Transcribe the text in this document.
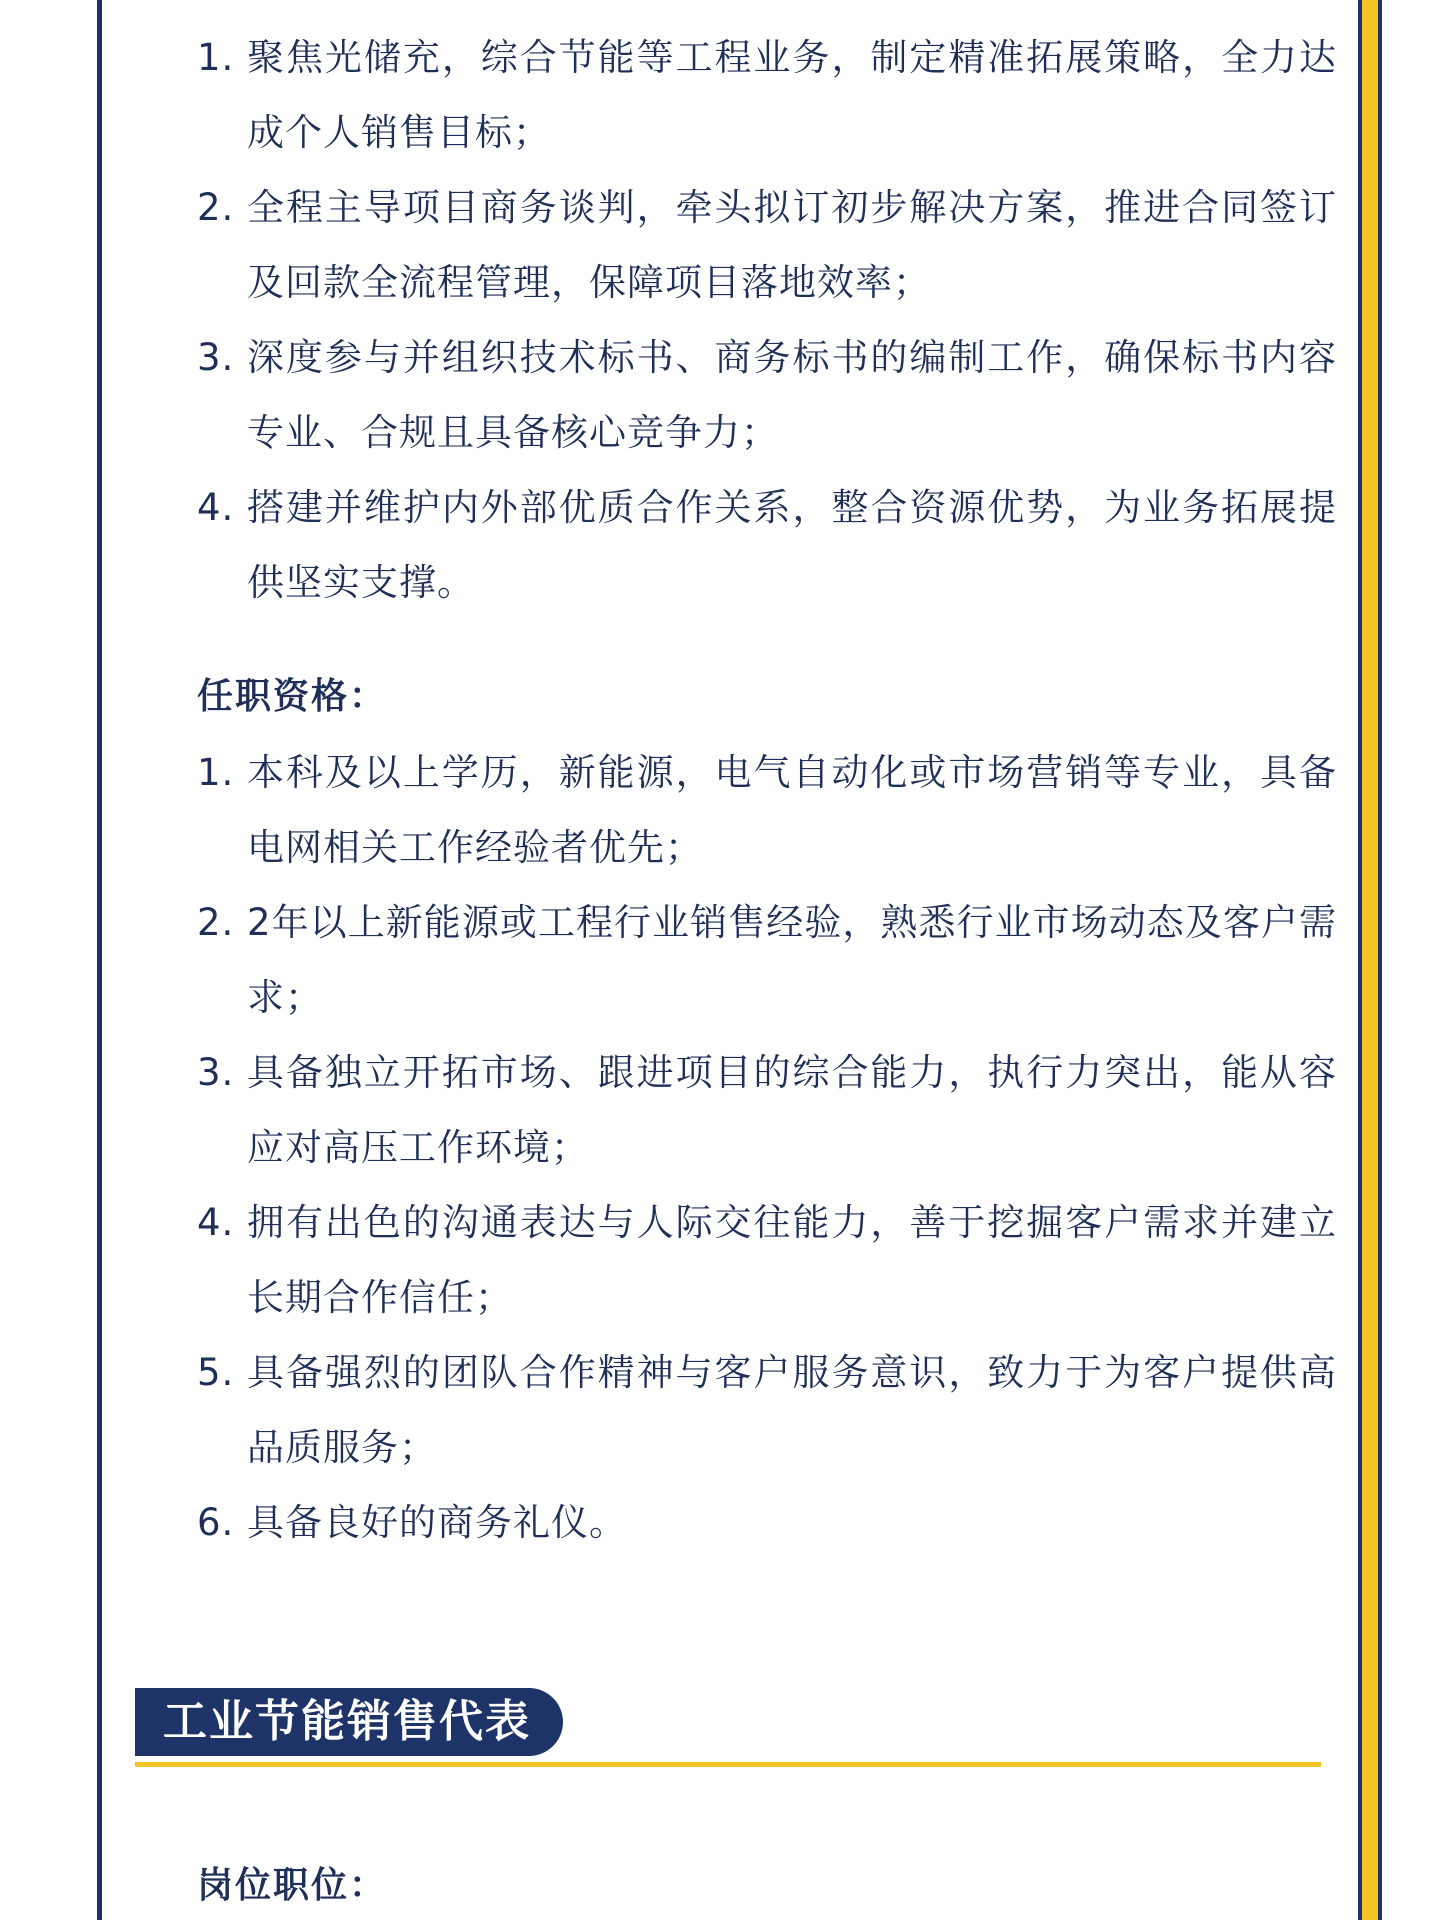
1. 聚焦光储充，综合节能等工程业务，制定精准拓展策略，全力达成个人销售目标；
2. 全程主导项目商务谈判，牵头拟订初步解决方案，推进合同签订及回款全流程管理，保障项目落地效率；
3. 深度参与并组织技术标书、商务标书的编制工作，确保标书内容专业、合规且具备核心竞争力；
4. 搭建并维护内外部优质合作关系，整合资源优势，为业务拓展提供坚实支撑。
任职资格：
1. 本科及以上学历，新能源，电气自动化或市场营销等专业，具备电网相关工作经验者优先；
2. 2年以上新能源或工程行业销售经验，熟悉行业市场动态及客户需求；
3. 具备独立开拓市场、跟进项目的综合能力，执行力突出，能从容应对高压工作环境；
4. 拥有出色的沟通表达与人际交往能力，善于挖掘客户需求并建立长期合作信任；
5. 具备强烈的团队合作精神与客户服务意识，致力于为客户提供高品质服务；
6. 具备良好的商务礼仪。
工业节能销售代表
岗位职位：
